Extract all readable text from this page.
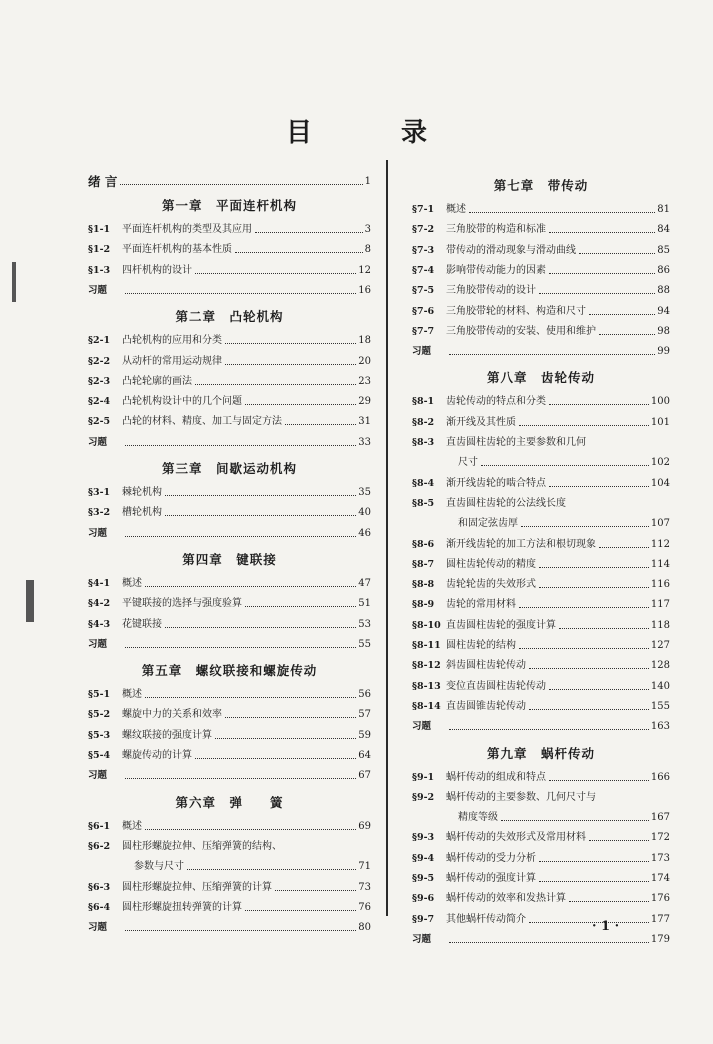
目 录
绪 言	1
第一章　平面连杆机构
§1-1	平面连杆机构的类型及其应用	3
§1-2	平面连杆机构的基本性质	8
§1-3	四杆机构的设计	12
习题	16
第二章　凸轮机构
§2-1	凸轮机构的应用和分类	18
§2-2	从动杆的常用运动规律	20
§2-3	凸轮轮廓的画法	23
§2-4	凸轮机构设计中的几个问题	29
§2-5	凸轮的材料、精度、加工与固定方法	31
习题	33
第三章　间歇运动机构
§3-1	棘轮机构	35
§3-2	槽轮机构	40
习题	46
第四章　键联接
§4-1	概述	47
§4-2	平键联接的选择与强度验算	51
§4-3	花键联接	53
习题	55
第五章　螺纹联接和螺旋传动
§5-1	概述	56
§5-2	螺旋中力的关系和效率	57
§5-3	螺纹联接的强度计算	59
§5-4	螺旋传动的计算	64
习题	67
第六章　弹　　簧
§6-1	概述	69
§6-2	圆柱形螺旋拉伸、压缩弹簧的结构、
参数与尺寸	71
§6-3	圆柱形螺旋拉伸、压缩弹簧的计算	73
§6-4	圆柱形螺旋扭转弹簧的计算	76
习题	80
第七章　带传动
§7-1	概述	81
§7-2	三角胶带的构造和标准	84
§7-3	带传动的滑动现象与滑动曲线	85
§7-4	影响带传动能力的因素	86
§7-5	三角胶带传动的设计	88
§7-6	三角胶带轮的材料、构造和尺寸	94
§7-7	三角胶带传动的安装、使用和维护	98
习题	99
第八章　齿轮传动
§8-1	齿轮传动的特点和分类	100
§8-2	渐开线及其性质	101
§8-3	直齿圆柱齿轮的主要参数和几何
尺寸	102
§8-4	渐开线齿轮的啮合特点	104
§8-5	直齿圆柱齿轮的公法线长度
和固定弦齿厚	107
§8-6	渐开线齿轮的加工方法和根切现象	112
§8-7	圆柱齿轮传动的精度	114
§8-8	齿轮轮齿的失效形式	116
§8-9	齿轮的常用材料	117
§8-10 直齿圆柱齿轮的强度计算	118
§8-11 圆柱齿轮的结构	127
§8-12 斜齿圆柱齿轮传动	128
§8-13 变位直齿圆柱齿轮传动	140
§8-14 直齿圆锥齿轮传动	155
习题	163
第九章　蜗杆传动
§9-1	蜗杆传动的组成和特点	166
§9-2	蜗杆传动的主要参数、几何尺寸与
精度等级	167
§9-3	蜗杆传动的失效形式及常用材料	172
§9-4	蜗杆传动的受力分析	173
§9-5	蜗杆传动的强度计算	174
§9-6	蜗杆传动的效率和发热计算	176
§9-7	其他蜗杆传动简介	177
习题	179
· 1 ·
